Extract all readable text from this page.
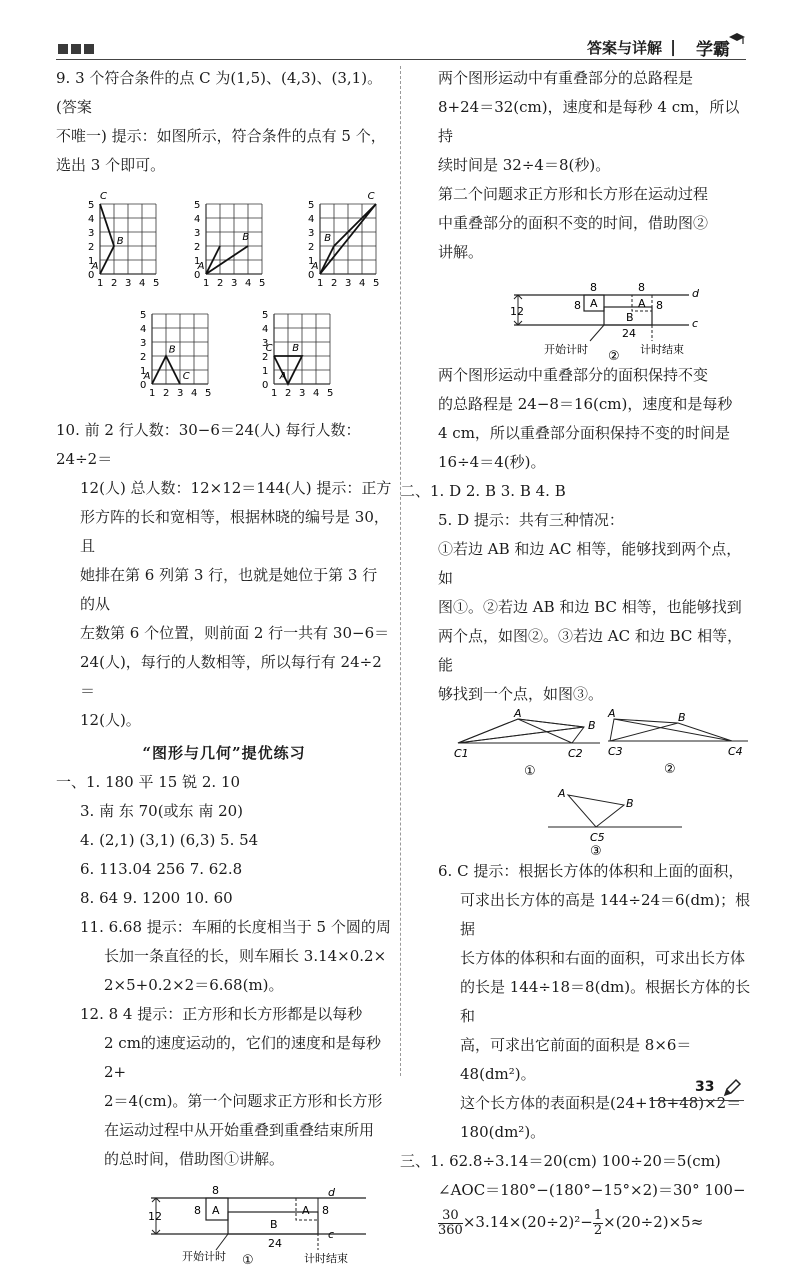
答案与详解 | 学霸

9. 3 个符合条件的点 C 为(1,5)、(4,3)、(3,1)。(答案

不唯一) 提示：如图所示，符合条件的点有 5 个，

选出 3 个即可。

1 2 3 4 5
0
1
2
3
4
5
C
B
A
1 2 3 4 5
0
1
2
3
4
5
B
A
1 2 3 4 5
0
1
2
3
4
5
C
B
A
1 2 3 4 5
0
1
2
3
4
5
B
A	C
1 2 3 4 5
0
1
2
3
4
5
C B
A

10. 前 2 行人数：30−6＝24(人) 每行人数：24÷2＝

12(人) 总人数：12×12＝144(人) 提示：正方

形方阵的长和宽相等，根据林晓的编号是 30，且

她排在第 6 列第 3 行，也就是她位于第 3 行的从

左数第 6 个位置，则前面 2 行一共有 30−6＝

24(人)，每行的人数相等，所以每行有 24÷2＝

12(人)。

“图形与几何”提优练习

一、1. 180 平 15 锐 2. 10

3. 南 东 70(或东 南 20)

4. (2,1) (3,1) (6,3) 5. 54

6. 113.04 256 7. 62.8

8. 64 9. 1200 10. 60

11. 6.68 提示：车厢的长度相当于 5 个圆的周

长加一条直径的长，则车厢长 3.14×0.2×

2×5+0.2×2＝6.68(m)。

12. 8 4 提示：正方形和长方形都是以每秒

2 cm的速度运动的，它们的速度和是每秒 2+

2＝4(cm)。第一个问题求正方形和长方形

在运动过程中从开始重叠到重叠结束所用

的总时间，借助图①讲解。

12	A
8
8
B
24
A 8
d
c
开始计时	计时结束
①

两个图形运动中有重叠部分的总路程是

8+24＝32(cm)，速度和是每秒 4 cm，所以持

续时间是 32÷4＝8(秒)。

第二个问题求正方形和长方形在运动过程

中重叠部分的面积不变的时间，借助图②

讲解。

12
A
8
8
B
24
A
8
8
d
c
开始计时	计时结束
②

两个图形运动中重叠部分的面积保持不变

的总路程是 24−8＝16(cm)，速度和是每秒

4 cm，所以重叠部分面积保持不变的时间是

16÷4＝4(秒)。

二、1. D 2. B 3. B 4. B

5. D 提示：共有三种情况：

①若边 AB 和边 AC 相等，能够找到两个点，如

图①。②若边 AB 和边 BC 相等，也能够找到

两个点，如图②。③若边 AC 和边 BC 相等，能

够找到一个点，如图③。

A
B
C1	C2
①
A	B
C3	C4
②
A
B
C5
③

6. C 提示：根据长方体的体积和上面的面积，

可求出长方体的高是 144÷24＝6(dm)；根据

长方体的体积和右面的面积，可求出长方体

的长是 144÷18＝8(dm)。根据长方体的长和

高，可求出它前面的面积是 8×6＝48(dm²)。

这个长方体的表面积是(24+18+48)×2＝

180(dm²)。

三、1. 62.8÷3.14＝20(cm) 100÷20＝5(cm)

∠AOC＝180°−(180°−15°×2)＝30° 100−

$\frac{30}{360} \times 3.14\times(20\div 2)^2- \frac{1}{2} \times(20\div 2)\times 5\approx$

33
